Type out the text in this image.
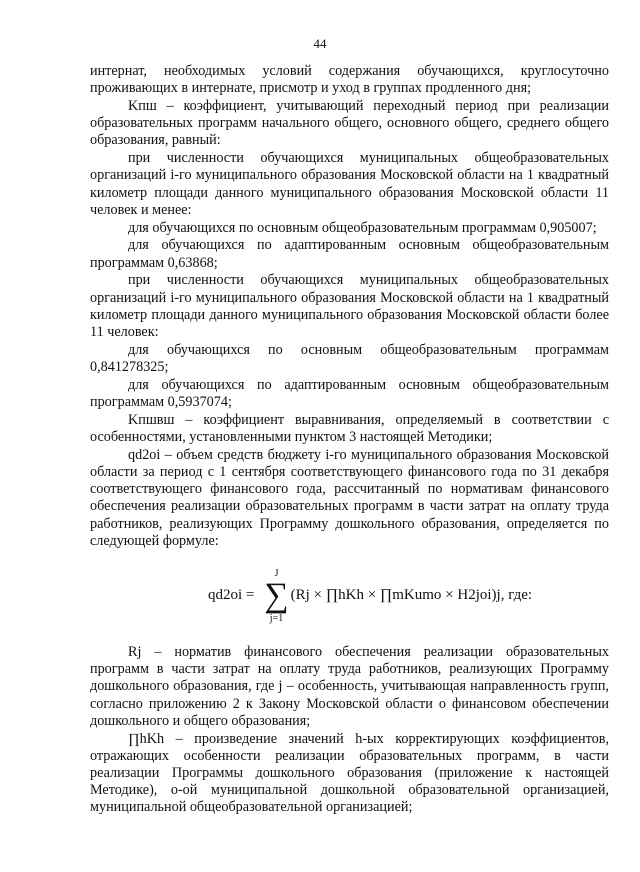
44

интернат, необходимых условий содержания обучающихся, круглосуточно проживающих в интернате, присмотр и уход в группах продленного дня;

Kпш – коэффициент, учитывающий переходный период при реализации образовательных программ начального общего, основного общего, среднего общего образования, равный:

при численности обучающихся муниципальных общеобразовательных организаций i-го муниципального образования Московской области на 1 квадратный километр площади данного муниципального образования Московской области 11 человек и менее:

для обучающихся по основным общеобразовательным программам 0,905007;

для обучающихся по адаптированным основным общеобразовательным программам 0,63868;

при численности обучающихся муниципальных общеобразовательных организаций i-го муниципального образования Московской области на 1 квадратный километр площади данного муниципального образования Московской области более 11 человек:

для обучающихся по основным общеобразовательным программам 0,841278325;

для обучающихся по адаптированным основным общеобразовательным программам 0,5937074;

Kпшвш – коэффициент выравнивания, определяемый в соответствии с особенностями, установленными пунктом 3 настоящей Методики;

qd2oi – объем средств бюджету i-го муниципального образования Московской области за период с 1 сентября соответствующего финансового года по 31 декабря соответствующего финансового года, рассчитанный по нормативам финансового обеспечения реализации образовательных программ в части затрат на оплату труда работников, реализующих Программу дошкольного образования, определяется по следующей формуле:

qd2oi =
J
∑
j=1
(Rj × ∏hKh × ∏mKumo × H2joi)j, где:

Rj – норматив финансового обеспечения реализации образовательных программ в части затрат на оплату труда работников, реализующих Программу дошкольного образования, где j – особенность, учитывающая направленность групп, согласно приложению 2 к Закону Московской области о финансовом обеспечении дошкольного и общего образования;

∏hKh – произведение значений h-ых корректирующих коэффициентов, отражающих особенности реализации образовательных программ, в части реализации Программы дошкольного образования (приложение к настоящей Методике), о-ой муниципальной дошкольной образовательной организацией, муниципальной общеобразовательной организацией;
